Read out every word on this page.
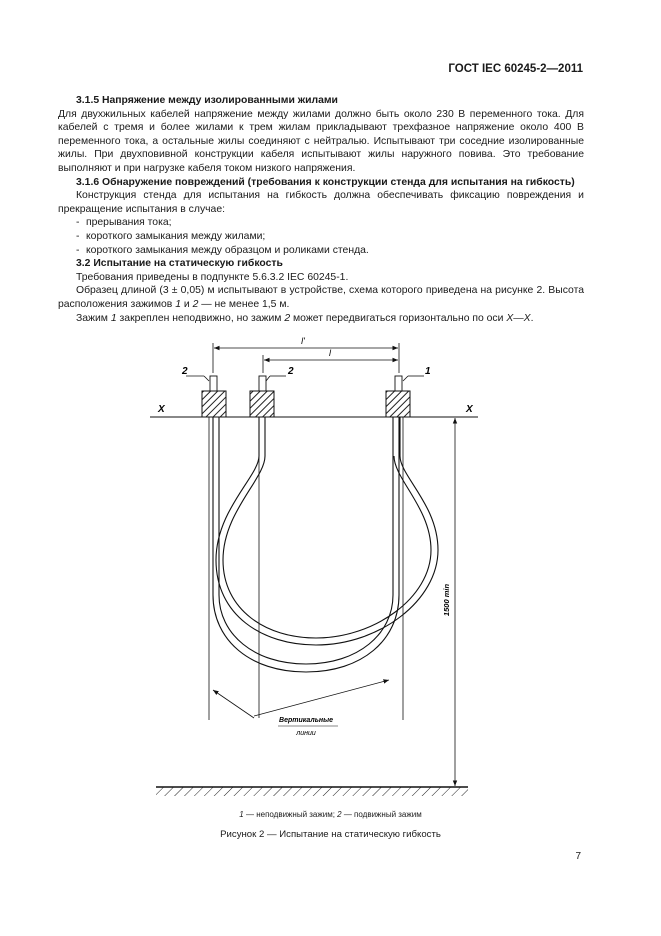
ГОСТ IEC 60245-2—2011

3.1.5 Напряжение между изолированными жилами

Для двухжильных кабелей напряжение между жилами должно быть около 230 В переменного тока. Для кабелей с тремя и более жилами к трем жилам прикладывают трехфазное напряжение около 400 В переменного тока, а остальные жилы соединяют с нейтралью. Испытывают три соседние изолированные жилы. При двухповивной конструкции кабеля испытывают жилы наружного повива. Это требование выполняют и при нагрузке кабеля током низкого напряжения.

3.1.6 Обнаружение повреждений (требования к конструкции стенда для испытания на гибкость)

Конструкция стенда для испытания на гибкость должна обеспечивать фиксацию повреждения и прекращение испытания в случае:

- прерывания тока;

- короткого замыкания между жилами;

- короткого замыкания между образцом и роликами стенда.

3.2 Испытание на статическую гибкость

Требования приведены в подпункте 5.6.3.2 IEC 60245-1.

Образец длиной (3 ± 0,05) м испытывают в устройстве, схема которого приведена на рисунке 2. Высота расположения зажимов 1 и 2 — не менее 1,5 м.

Зажим 1 закреплен неподвижно, но зажим 2 может передвигаться горизонтально по оси X—X.

l'
l
2	2	1
X	X
1500 min
Вертикальные
линии
1 — неподвижный зажим; 2 — подвижный зажим
Рисунок 2 — Испытание на статическую гибкость
7
